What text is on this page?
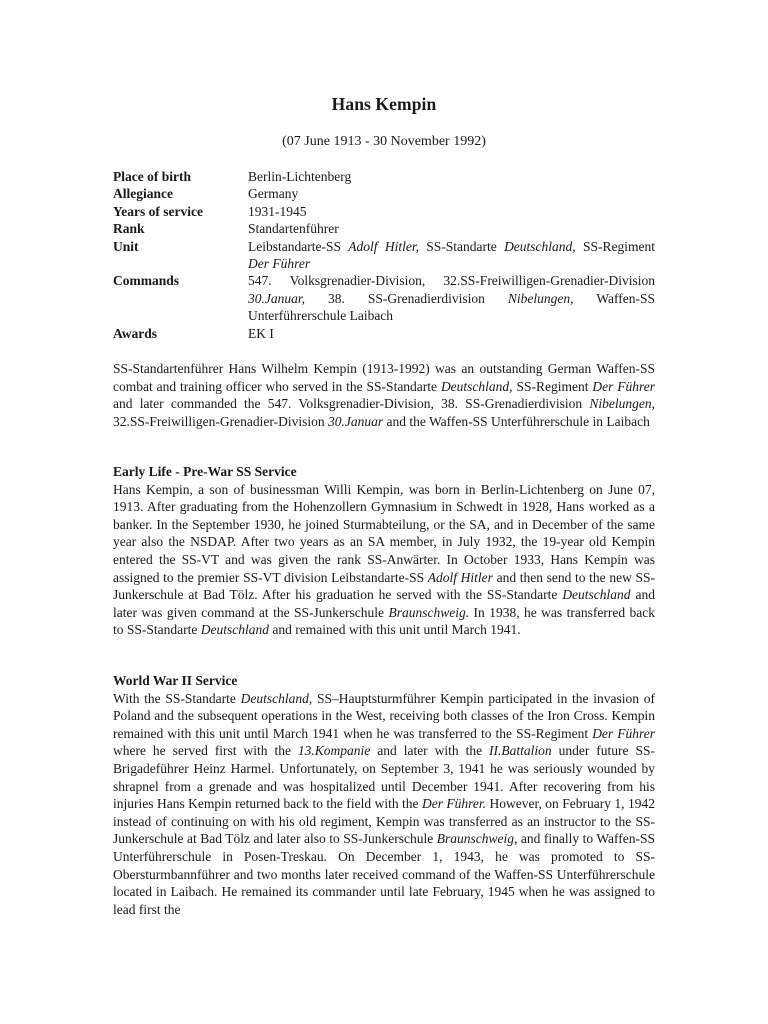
Hans Kempin
(07 June 1913 - 30 November 1992)
Place of birth	Berlin-Lichtenberg
Allegiance	Germany
Years of service	1931-1945
Rank	Standartenführer
Unit	Leibstandarte-SS Adolf Hitler, SS-Standarte Deutschland, SS-Regiment Der Führer
Commands	547. Volksgrenadier-Division, 32.SS-Freiwilligen-Grenadier-Division 30.Januar, 38. SS-Grenadierdivision Nibelungen, Waffen-SS Unterführerschule Laibach
Awards	EK I
SS-Standartenführer Hans Wilhelm Kempin (1913-1992) was an outstanding German Waffen-SS combat and training officer who served in the SS-Standarte Deutschland, SS-Regiment Der Führer and later commanded the 547. Volksgrenadier-Division, 38. SS-Grenadierdivision Nibelungen, 32.SS-Freiwilligen-Grenadier-Division 30.Januar and the Waffen-SS Unterführerschule in Laibach
Early Life - Pre-War SS Service
Hans Kempin, a son of businessman Willi Kempin, was born in Berlin-Lichtenberg on June 07, 1913. After graduating from the Hohenzollern Gymnasium in Schwedt in 1928, Hans worked as a banker. In the September 1930, he joined Sturmabteilung, or the SA, and in December of the same year also the NSDAP. After two years as an SA member, in July 1932, the 19-year old Kempin entered the SS-VT and was given the rank SS-Anwärter. In October 1933, Hans Kempin was assigned to the premier SS-VT division Leibstandarte-SS Adolf Hitler and then send to the new SS-Junkerschule at Bad Tölz. After his graduation he served with the SS-Standarte Deutschland and later was given command at the SS-Junkerschule Braunschweig. In 1938, he was transferred back to SS-Standarte Deutschland and remained with this unit until March 1941.
World War II Service
With the SS-Standarte Deutschland, SS–Hauptsturmführer Kempin participated in the invasion of Poland and the subsequent operations in the West, receiving both classes of the Iron Cross. Kempin remained with this unit until March 1941 when he was transferred to the SS-Regiment Der Führer where he served first with the 13.Kompanie and later with the II.Battalion under future SS- Brigadeführer Heinz Harmel. Unfortunately, on September 3, 1941 he was seriously wounded by shrapnel from a grenade and was hospitalized until December 1941. After recovering from his injuries Hans Kempin returned back to the field with the Der Führer. However, on February 1, 1942 instead of continuing on with his old regiment, Kempin was transferred as an instructor to the SS-Junkerschule at Bad Tölz and later also to SS-Junkerschule Braunschweig, and finally to Waffen-SS Unterführerschule in Posen-Treskau. On December 1, 1943, he was promoted to SS- Obersturmbannführer and two months later received command of the Waffen-SS Unterführerschule located in Laibach. He remained its commander until late February, 1945 when he was assigned to lead first the
